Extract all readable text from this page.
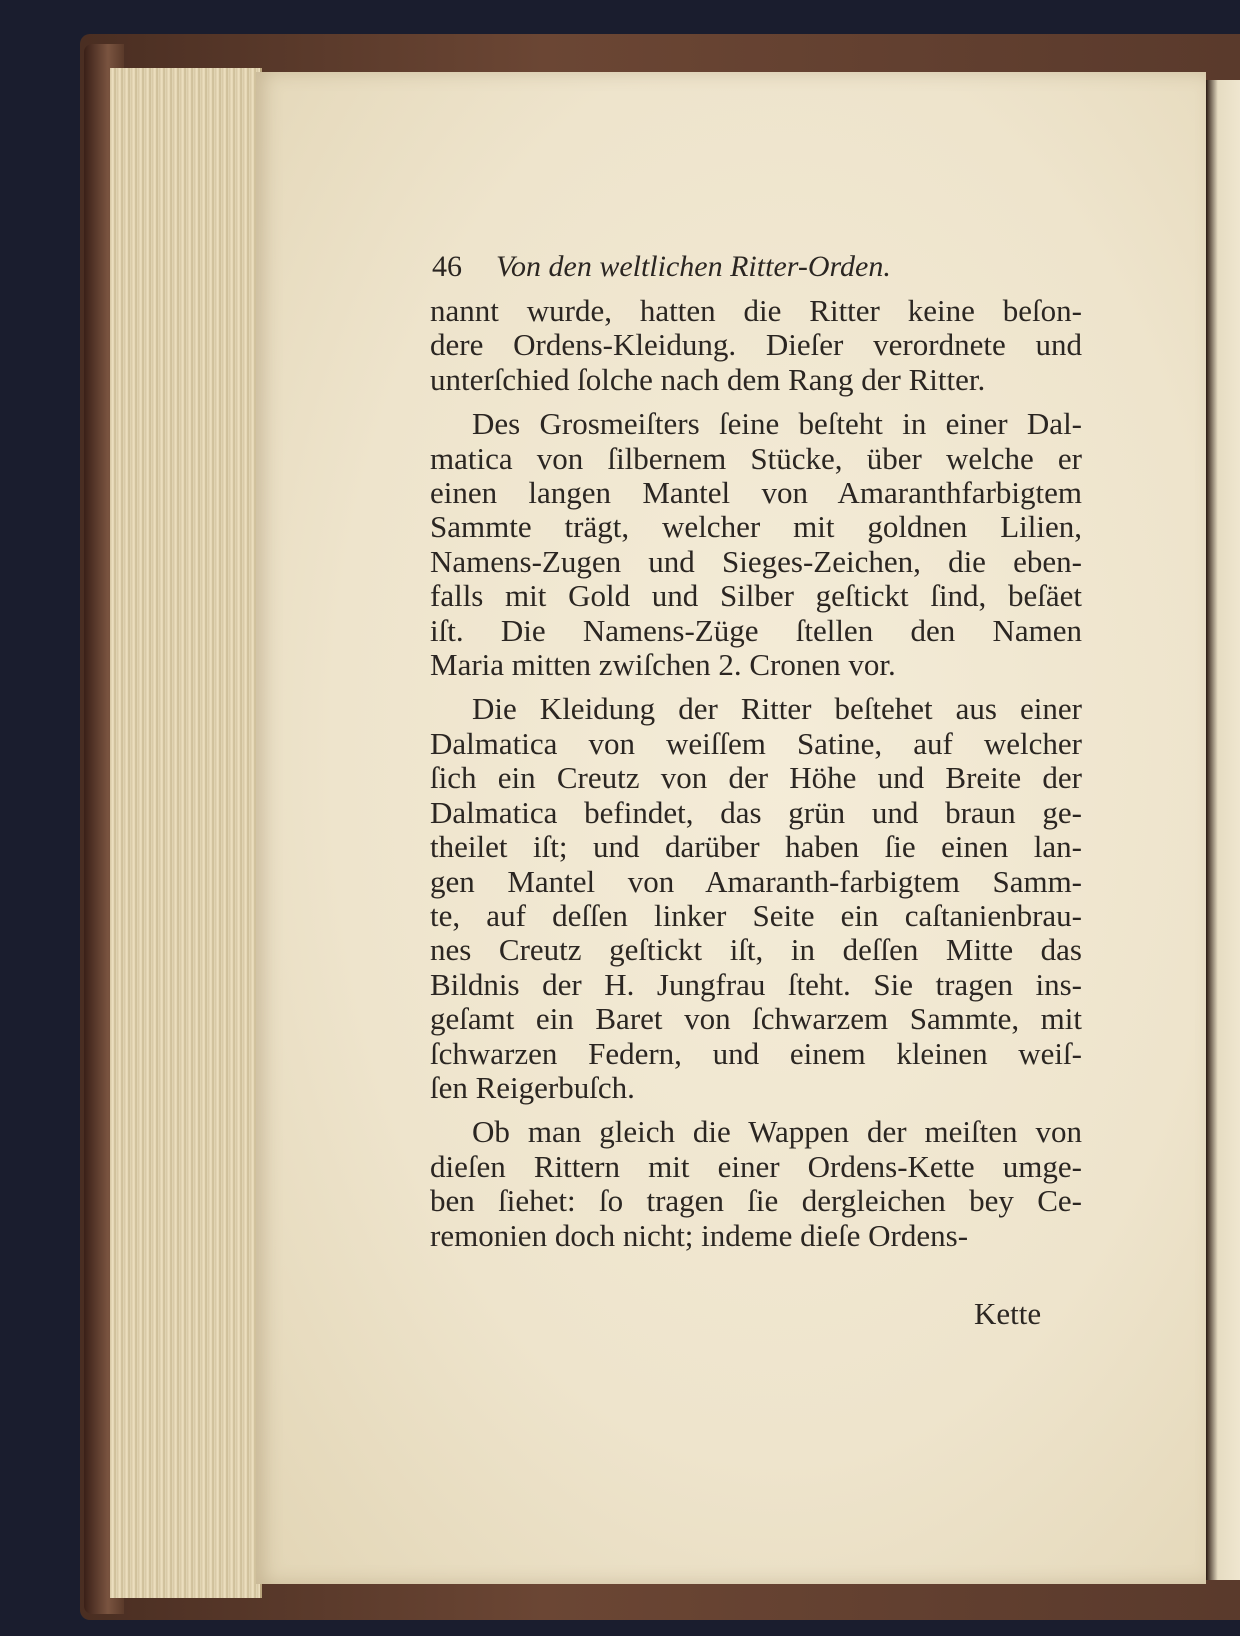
46 Von den weltlichen Ritter-Orden.
nannt wurde, hatten die Ritter keine beſon-
dere Ordens-Kleidung. Dieſer verordnete und
unterſchied ſolche nach dem Rang der Ritter.
Des Grosmeiſters ſeine beſteht in einer Dal-
matica von ſilbernem Stücke, über welche er
einen langen Mantel von Amaranthfarbigtem
Sammte trägt, welcher mit goldnen Lilien,
Namens-Zugen und Sieges-Zeichen, die eben-
falls mit Gold und Silber geſtickt ſind, beſäet
iſt. Die Namens-Züge ſtellen den Namen
Maria mitten zwiſchen 2. Cronen vor.
Die Kleidung der Ritter beſtehet aus einer
Dalmatica von weiſſem Satine, auf welcher
ſich ein Creutz von der Höhe und Breite der
Dalmatica befindet, das grün und braun ge-
theilet iſt; und darüber haben ſie einen lan-
gen Mantel von Amaranth-farbigtem Samm-
te, auf deſſen linker Seite ein caſtanienbrau-
nes Creutz geſtickt iſt, in deſſen Mitte das
Bildnis der H. Jungfrau ſteht. Sie tragen ins-
geſamt ein Baret von ſchwarzem Sammte, mit
ſchwarzen Federn, und einem kleinen weiſ-
ſen Reigerbuſch.
Ob man gleich die Wappen der meiſten von
dieſen Rittern mit einer Ordens-Kette umge-
ben ſiehet: ſo tragen ſie dergleichen bey Ce-
remonien doch nicht; indeme dieſe Ordens-
Kette
